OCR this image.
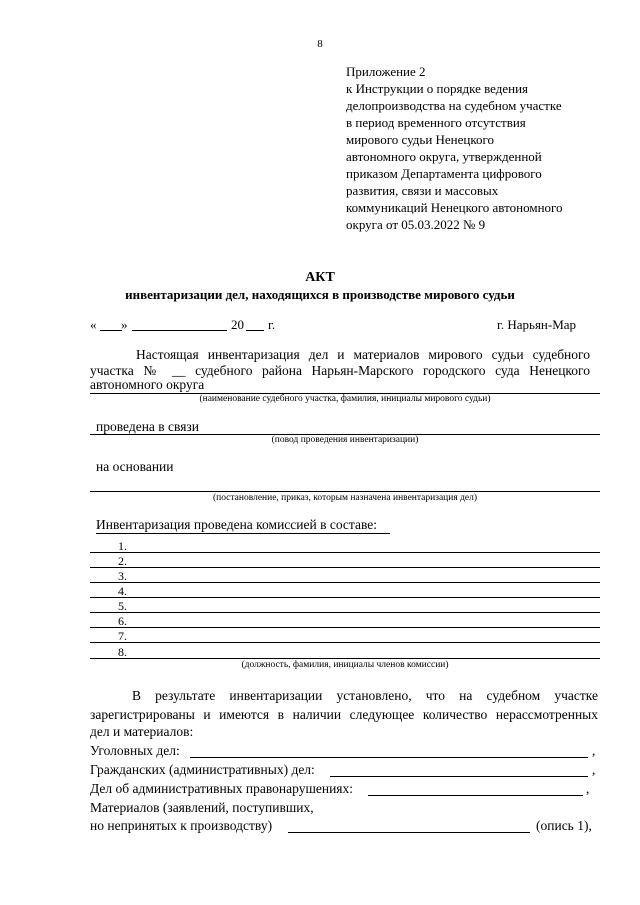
8
Приложение 2
к Инструкции о порядке ведения
делопроизводства на судебном участке
в период временного отсутствия
мирового судьи Ненецкого
автономного округа, утвержденной
приказом Департамента цифрового
развития, связи и массовых
коммуникаций Ненецкого автономного
округа от 05.03.2022 № 9
АКТ
инвентаризации дел, находящихся в производстве мирового судьи
« »	20 г.	г. Нарьян-Мар
Настоящая инвентаризация дел и материалов мирового судьи судебного
участка № __ судебного района Нарьян-Марского городского суда Ненецкого
автономного округа
(наименование судебного участка, фамилия, инициалы мирового судьи)
проведена в связи
(повод проведения инвентаризации)
на основании
(постановление, приказ, которым назначена инвентаризация дел)
Инвентаризация проведена комиссией в составе:
1.
2.
3.
4.
5.
6.
7.
8.
(должность, фамилия, инициалы членов комиссии)
В результате инвентаризации установлено, что на судебном участке
зарегистрированы и имеются в наличии следующее количество нерассмотренных
дел и материалов:
Уголовных дел:	,
Гражданских (административных) дел:	,
Дел об административных правонарушениях:	,
Материалов (заявлений, поступивших,
но непринятых к производству)	(опись 1),
